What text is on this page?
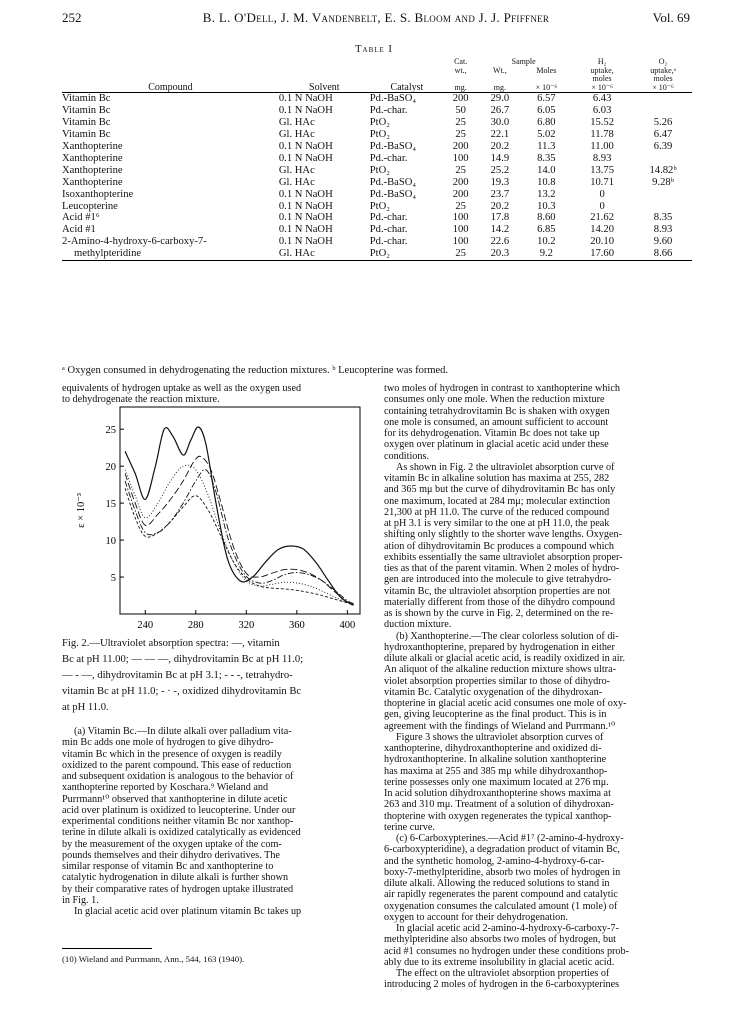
252	B. L. O'Dell, J. M. Vandenbelt, E. S. Bloom and J. J. Pfiffner	Vol. 69
Table I
			Cat.	Sample		H₂	O₂
			wt.,	Wt.,	Moles	uptake,	uptake,ᵃ
						moles	moles
Compound	Solvent	Catalyst	mg.	mg.	× 10⁻⁶	× 10⁻⁶	× 10⁻⁶
Vitamin Bc	0.1 N NaOH	Pd.-BaSO₄	200	29.0	6.57	6.43	
Vitamin Bc	0.1 N NaOH	Pd.-char.	50	26.7	6.05	6.03	
Vitamin Bc	Gl. HAc	PtO₂	25	30.0	6.80	15.52	5.26
Vitamin Bc	Gl. HAc	PtO₂	25	22.1	5.02	11.78	6.47
Xanthopterine	0.1 N NaOH	Pd.-BaSO₄	200	20.2	11.3	11.00	6.39
Xanthopterine	0.1 N NaOH	Pd.-char.	100	14.9	8.35	8.93	
Xanthopterine	Gl. HAc	PtO₂	25	25.2	14.0	13.75	14.82ᵇ
Xanthopterine	Gl. HAc	Pd.-BaSO₄	200	19.3	10.8	10.71	9.28ᵇ
Isoxanthopterine	0.1 N NaOH	Pd.-BaSO₄	200	23.7	13.2	0	
Leucopterine	0.1 N NaOH	PtO₂	25	20.2	10.3	0	
Acid #1⁶	0.1 N NaOH	Pd.-char.	100	17.8	8.60	21.62	8.35
Acid #1	0.1 N NaOH	Pd.-char.	100	14.2	6.85	14.20	8.93
2-Amino-4-hydroxy-6-carboxy-7-	0.1 N NaOH	Pd.-char.	100	22.6	10.2	20.10	9.60
methylpteridine	Gl. HAc	PtO₂	25	20.3	9.2	17.60	8.66
ᵃ Oxygen consumed in dehydrogenating the reduction mixtures. ᵇ Leucopterine was formed.

equivalents of hydrogen uptake as well as the oxygen used

to dehydrogenate the reaction mixture.

240	280	320	360	400
25
20
15
10
5
ε × 10⁻³

Fig. 2.—Ultraviolet absorption spectra: —, vitamin

Bc at pH 11.00; — — —, dihydrovitamin Bc at pH 11.0;

— - —, dihydrovitamin Bc at pH 3.1; - - -, tetrahydro-

vitamin Bc at pH 11.0; - · -, oxidized dihydrovitamin Bc

at pH 11.0.

(a) Vitamin Bc.—In dilute alkali over palladium vita-

min Bc adds one mole of hydrogen to give dihydro-

vitamin Bc which in the presence of oxygen is readily

oxidized to the parent compound. This ease of reduction

and subsequent oxidation is analogous to the behavior of

xanthopterine reported by Koschara.⁹ Wieland and

Purrmann¹⁰ observed that xanthopterine in dilute acetic

acid over platinum is oxidized to leucopterine. Under our

experimental conditions neither vitamin Bc nor xanthop-

terine in dilute alkali is oxidized catalytically as evidenced

by the measurement of the oxygen uptake of the com-

pounds themselves and their dihydro derivatives. The

similar response of vitamin Bc and xanthopterine to

catalytic hydrogenation in dilute alkali is further shown

by their comparative rates of hydrogen uptake illustrated

in Fig. 1.

In glacial acetic acid over platinum vitamin Bc takes up

(10) Wieland and Purrmann, Ann., 544, 163 (1940).

two moles of hydrogen in contrast to xanthopterine which

consumes only one mole. When the reduction mixture

containing tetrahydrovitamin Bc is shaken with oxygen

one mole is consumed, an amount sufficient to account

for its dehydrogenation. Vitamin Bc does not take up

oxygen over platinum in glacial acetic acid under these

conditions.

As shown in Fig. 2 the ultraviolet absorption curve of

vitamin Bc in alkaline solution has maxima at 255, 282

and 365 mμ but the curve of dihydrovitamin Bc has only

one maximum, located at 284 mμ; molecular extinction

21,300 at pH 11.0. The curve of the reduced compound

at pH 3.1 is very similar to the one at pH 11.0, the peak

shifting only slightly to the shorter wave lengths. Oxygen-

ation of dihydrovitamin Bc produces a compound which

exhibits essentially the same ultraviolet absorption proper-

ties as that of the parent vitamin. When 2 moles of hydro-

gen are introduced into the molecule to give tetrahydro-

vitamin Bc, the ultraviolet absorption properties are not

materially different from those of the dihydro compound

as is shown by the curve in Fig. 2, determined on the re-

duction mixture.

(b) Xanthopterine.—The clear colorless solution of di-

hydroxanthopterine, prepared by hydrogenation in either

dilute alkali or glacial acetic acid, is readily oxidized in air.

An aliquot of the alkaline reduction mixture shows ultra-

violet absorption properties similar to those of dihydro-

vitamin Bc. Catalytic oxygenation of the dihydroxan-

thopterine in glacial acetic acid consumes one mole of oxy-

gen, giving leucopterine as the final product. This is in

agreement with the findings of Wieland and Purrmann.¹⁰

Figure 3 shows the ultraviolet absorption curves of

xanthopterine, dihydroxanthopterine and oxidized di-

hydroxanthopterine. In alkaline solution xanthopterine

has maxima at 255 and 385 mμ while dihydroxanthop-

terine possesses only one maximum located at 276 mμ.

In acid solution dihydroxanthopterine shows maxima at

263 and 310 mμ. Treatment of a solution of dihydroxan-

thopterine with oxygen regenerates the typical xanthop-

terine curve.

(c) 6-Carboxypterines.—Acid #1⁷ (2-amino-4-hydroxy-

6-carboxypteridine), a degradation product of vitamin Bc,

and the synthetic homolog, 2-amino-4-hydroxy-6-car-

boxy-7-methylpteridine, absorb two moles of hydrogen in

dilute alkali. Allowing the reduced solutions to stand in

air rapidly regenerates the parent compound and catalytic

oxygenation consumes the calculated amount (1 mole) of

oxygen to account for their dehydrogenation.

In glacial acetic acid 2-amino-4-hydroxy-6-carboxy-7-

methylpteridine also absorbs two moles of hydrogen, but

acid #1 consumes no hydrogen under these conditions prob-

ably due to its extreme insolubility in glacial acetic acid.

The effect on the ultraviolet absorption properties of

introducing 2 moles of hydrogen in the 6-carboxypterines
